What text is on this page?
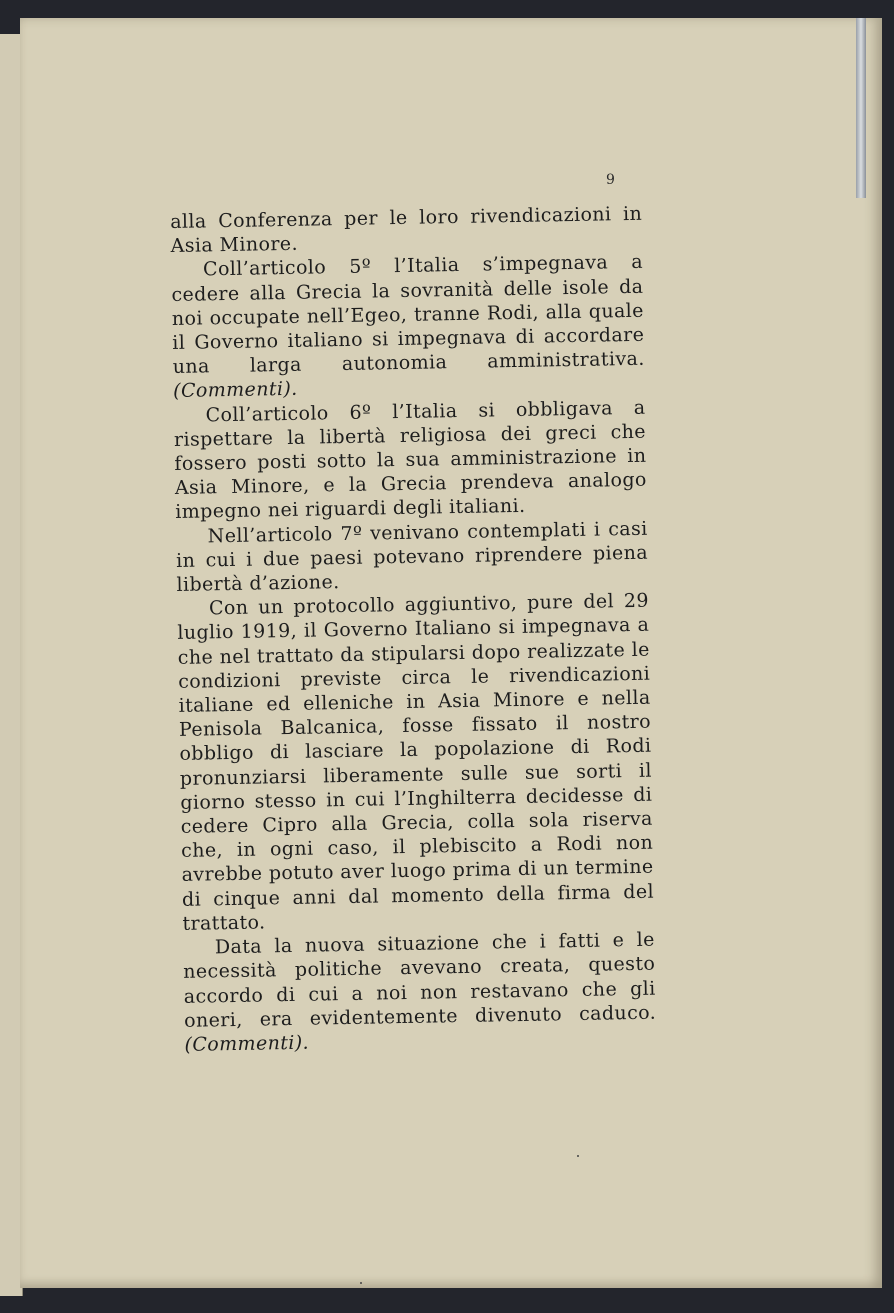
9

alla Conferenza per le loro rivendicazioni in Asia Minore.

Coll’articolo 5º l’Italia s’impegnava a cedere alla Grecia la sovranità delle isole da noi occupate nell’Egeo, tranne Rodi, alla quale il Governo italiano si impegnava di accordare una larga autonomia amministrativa. (Commenti).

Coll’articolo 6º l’Italia si obbligava a rispettare la libertà religiosa dei greci che fossero posti sotto la sua amministrazione in Asia Minore, e la Grecia prendeva analogo impegno nei riguardi degli italiani.

Nell’articolo 7º venivano contemplati i casi in cui i due paesi potevano riprendere piena libertà d’azione.

Con un protocollo aggiuntivo, pure del 29 luglio 1919, il Governo Italiano si impegnava a che nel trattato da stipularsi dopo realizzate le condizioni previste circa le rivendicazioni italiane ed elleniche in Asia Minore e nella Penisola Balcanica, fosse fissato il nostro obbligo di lasciare la popolazione di Rodi pronunziarsi liberamente sulle sue sorti il giorno stesso in cui l’Inghilterra decidesse di cedere Cipro alla Grecia, colla sola riserva che, in ogni caso, il plebiscito a Rodi non avrebbe potuto aver luogo prima di un termine di cinque anni dal momento della firma del trattato.

Data la nuova situazione che i fatti e le necessità politiche avevano creata, questo accordo di cui a noi non restavano che gli oneri, era evidentemente divenuto caduco. (Commenti).
